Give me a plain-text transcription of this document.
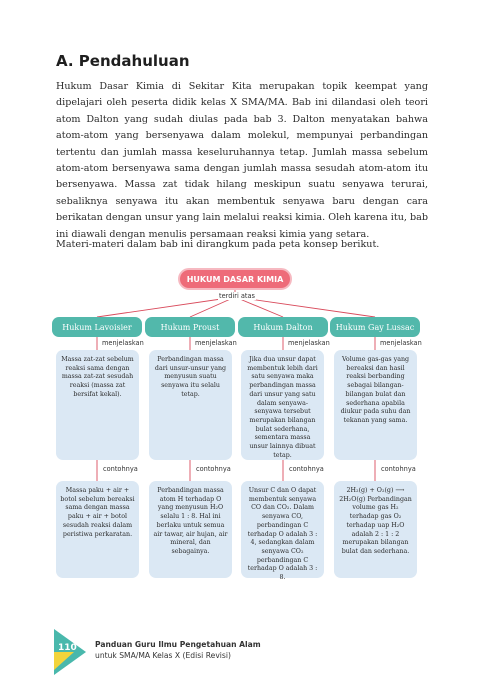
A. Pendahuluan

Hukum Dasar Kimia di Sekitar Kita merupakan topik keempat yang dipelajari oleh peserta didik kelas X SMA/MA. Bab ini dilandasi oleh teori atom Dalton yang sudah diulas pada bab 3. Dalton menyatakan bahwa atom-atom yang bersenyawa dalam molekul, mempunyai perbandingan tertentu dan jumlah massa keseluruhannya tetap. Jumlah massa sebelum atom-atom bersenyawa sama dengan jumlah massa sesudah atom-atom itu bersenyawa. Massa zat tidak hilang meskipun suatu senyawa terurai, sebaliknya senyawa itu akan membentuk senyawa baru dengan cara berikatan dengan unsur yang lain melalui reaksi kimia. Oleh karena itu, bab ini diawali dengan menulis persamaan reaksi kimia yang setara.

Materi-materi dalam bab ini dirangkum pada peta konsep berikut.

HUKUM DASAR KIMIA
terdiri atas
Hukum Lavoisier	Hukum Proust	Hukum Dalton	Hukum Gay Lussac
menjelaskan	menjelaskan	menjelaskan	menjelaskan
Massa zat-zat sebelum reaksi sama dengan massa zat-zat sesudah reaksi (massa zat bersifat kekal).
Perbandingan massa dari unsur-unsur yang menyusun suatu senyawa itu selalu tetap.
Jika dua unsur dapat membentuk lebih dari satu senyawa maka perbandingan massa dari unsur yang satu dalam senyawa-senyawa tersebut merupakan bilangan bulat sederhana, sementara massa unsur lainnya dibuat tetap.
Volume gas-gas yang bereaksi dan hasil reaksi berbanding sebagai bilangan-bilangan bulat dan sederhana apabila diukur pada suhu dan tekanan yang sama.
contohnya	contohnya	contohnya	contohnya
Massa paku + air + botol sebelum bereaksi sama dengan massa paku + air + botol sesudah reaksi dalam peristiwa perkaratan.
Perbandingan massa atom H terhadap O yang menyusun H₂O selalu 1 : 8. Hal ini berlaku untuk semua air tawar, air hujan, air mineral, dan sebagainya.
Unsur C dan O dapat membentuk senyawa CO dan CO₂. Dalam senyawa CO, perbandingan C terhadap O adalah 3 : 4, sedangkan dalam senyawa CO₂ perbandingan C terhadap O adalah 3 : 8.
2H₂(g) + O₂(g) ⟶ 2H₂O(g) Perbandingan volume gas H₂ terhadap gas O₂ terhadap uap H₂O adalah 2 : 1 : 2 merupakan bilangan bulat dan sederhana.
110 Panduan Guru Ilmu Pengetahuan Alam
untuk SMA/MA Kelas X (Edisi Revisi)
